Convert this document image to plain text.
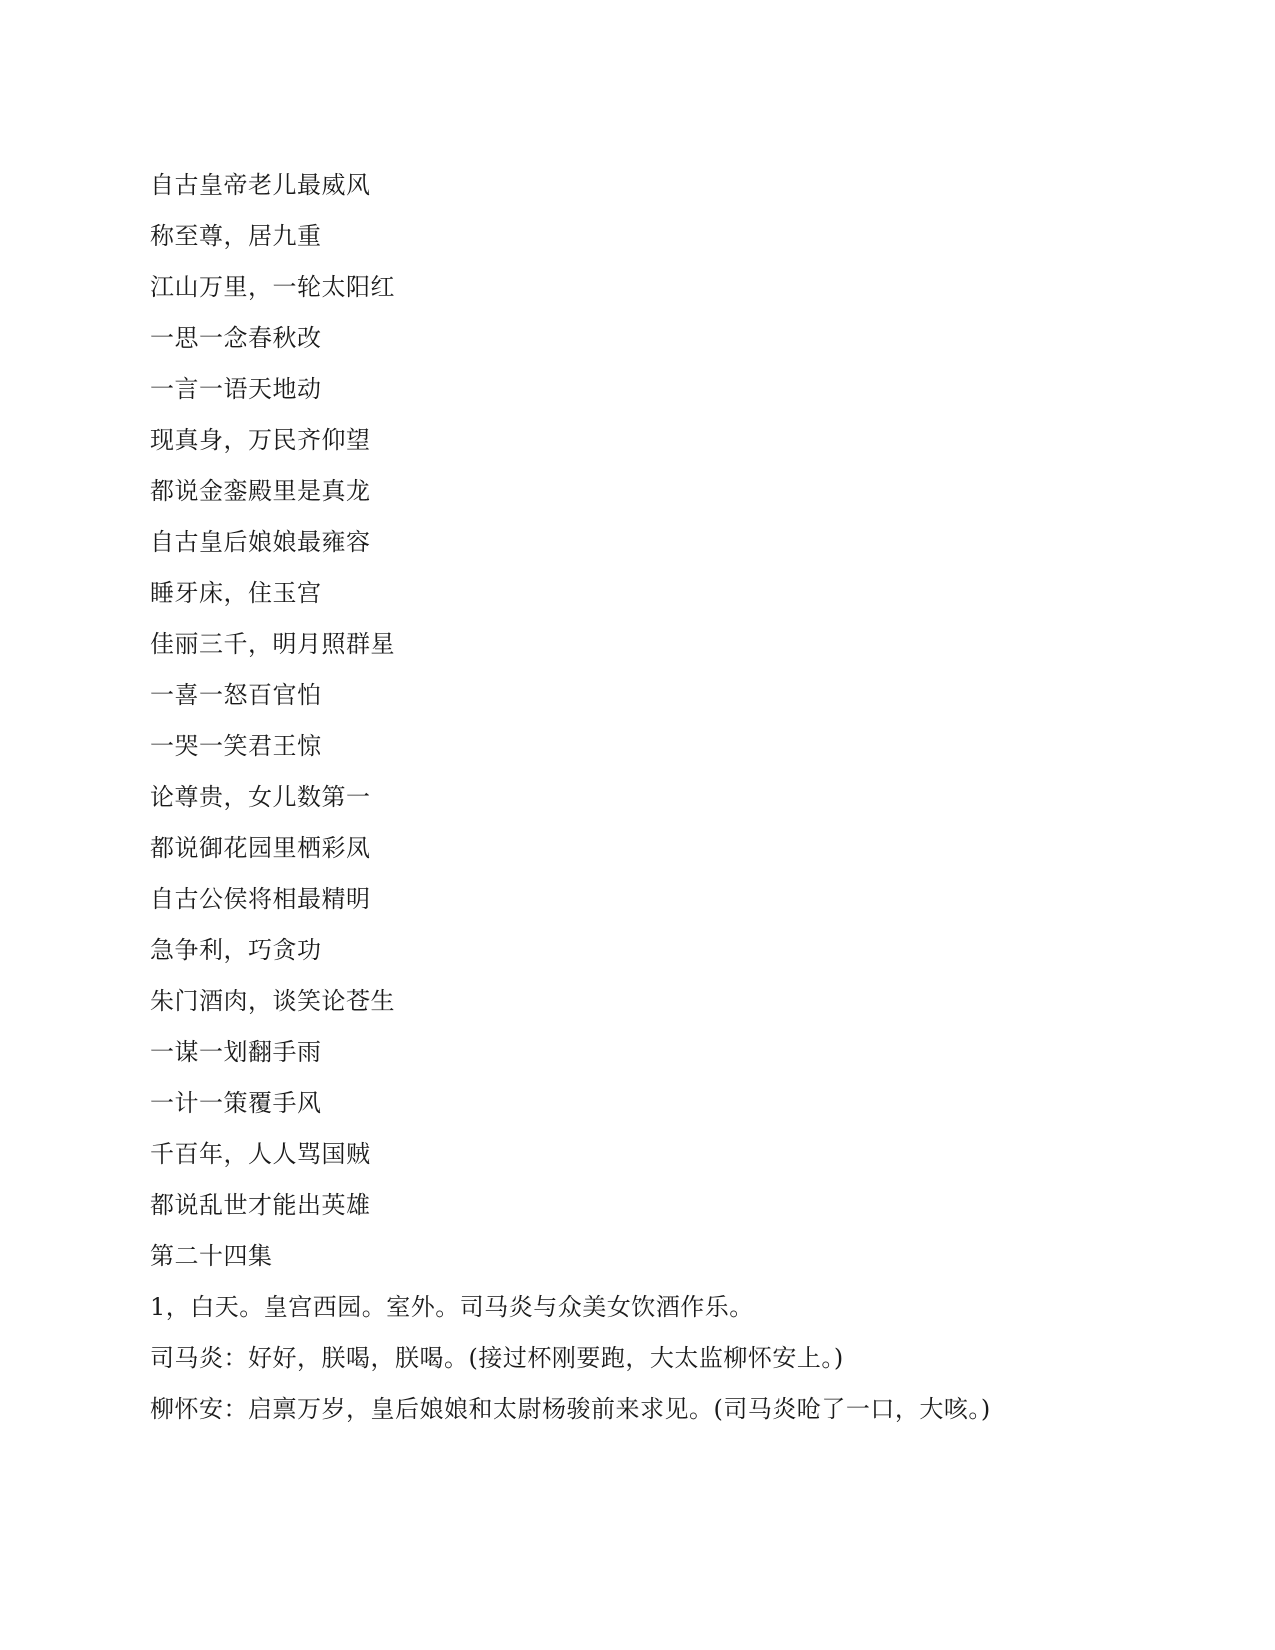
自古皇帝老儿最威风
称至尊，居九重
江山万里，一轮太阳红
一思一念春秋改
一言一语天地动
现真身，万民齐仰望
都说金銮殿里是真龙
自古皇后娘娘最雍容
睡牙床，住玉宫
佳丽三千，明月照群星
一喜一怒百官怕
一哭一笑君王惊
论尊贵，女儿数第一
都说御花园里栖彩凤
自古公侯将相最精明
急争利，巧贪功
朱门酒肉，谈笑论苍生
一谋一划翻手雨
一计一策覆手风
千百年，人人骂国贼
都说乱世才能出英雄
第二十四集
1，白天。皇宫西园。室外。司马炎与众美女饮酒作乐。
司马炎：好好，朕喝，朕喝。(接过杯刚要跑，大太监柳怀安上。)
柳怀安：启禀万岁，皇后娘娘和太尉杨骏前来求见。(司马炎呛了一口，大咳。)
